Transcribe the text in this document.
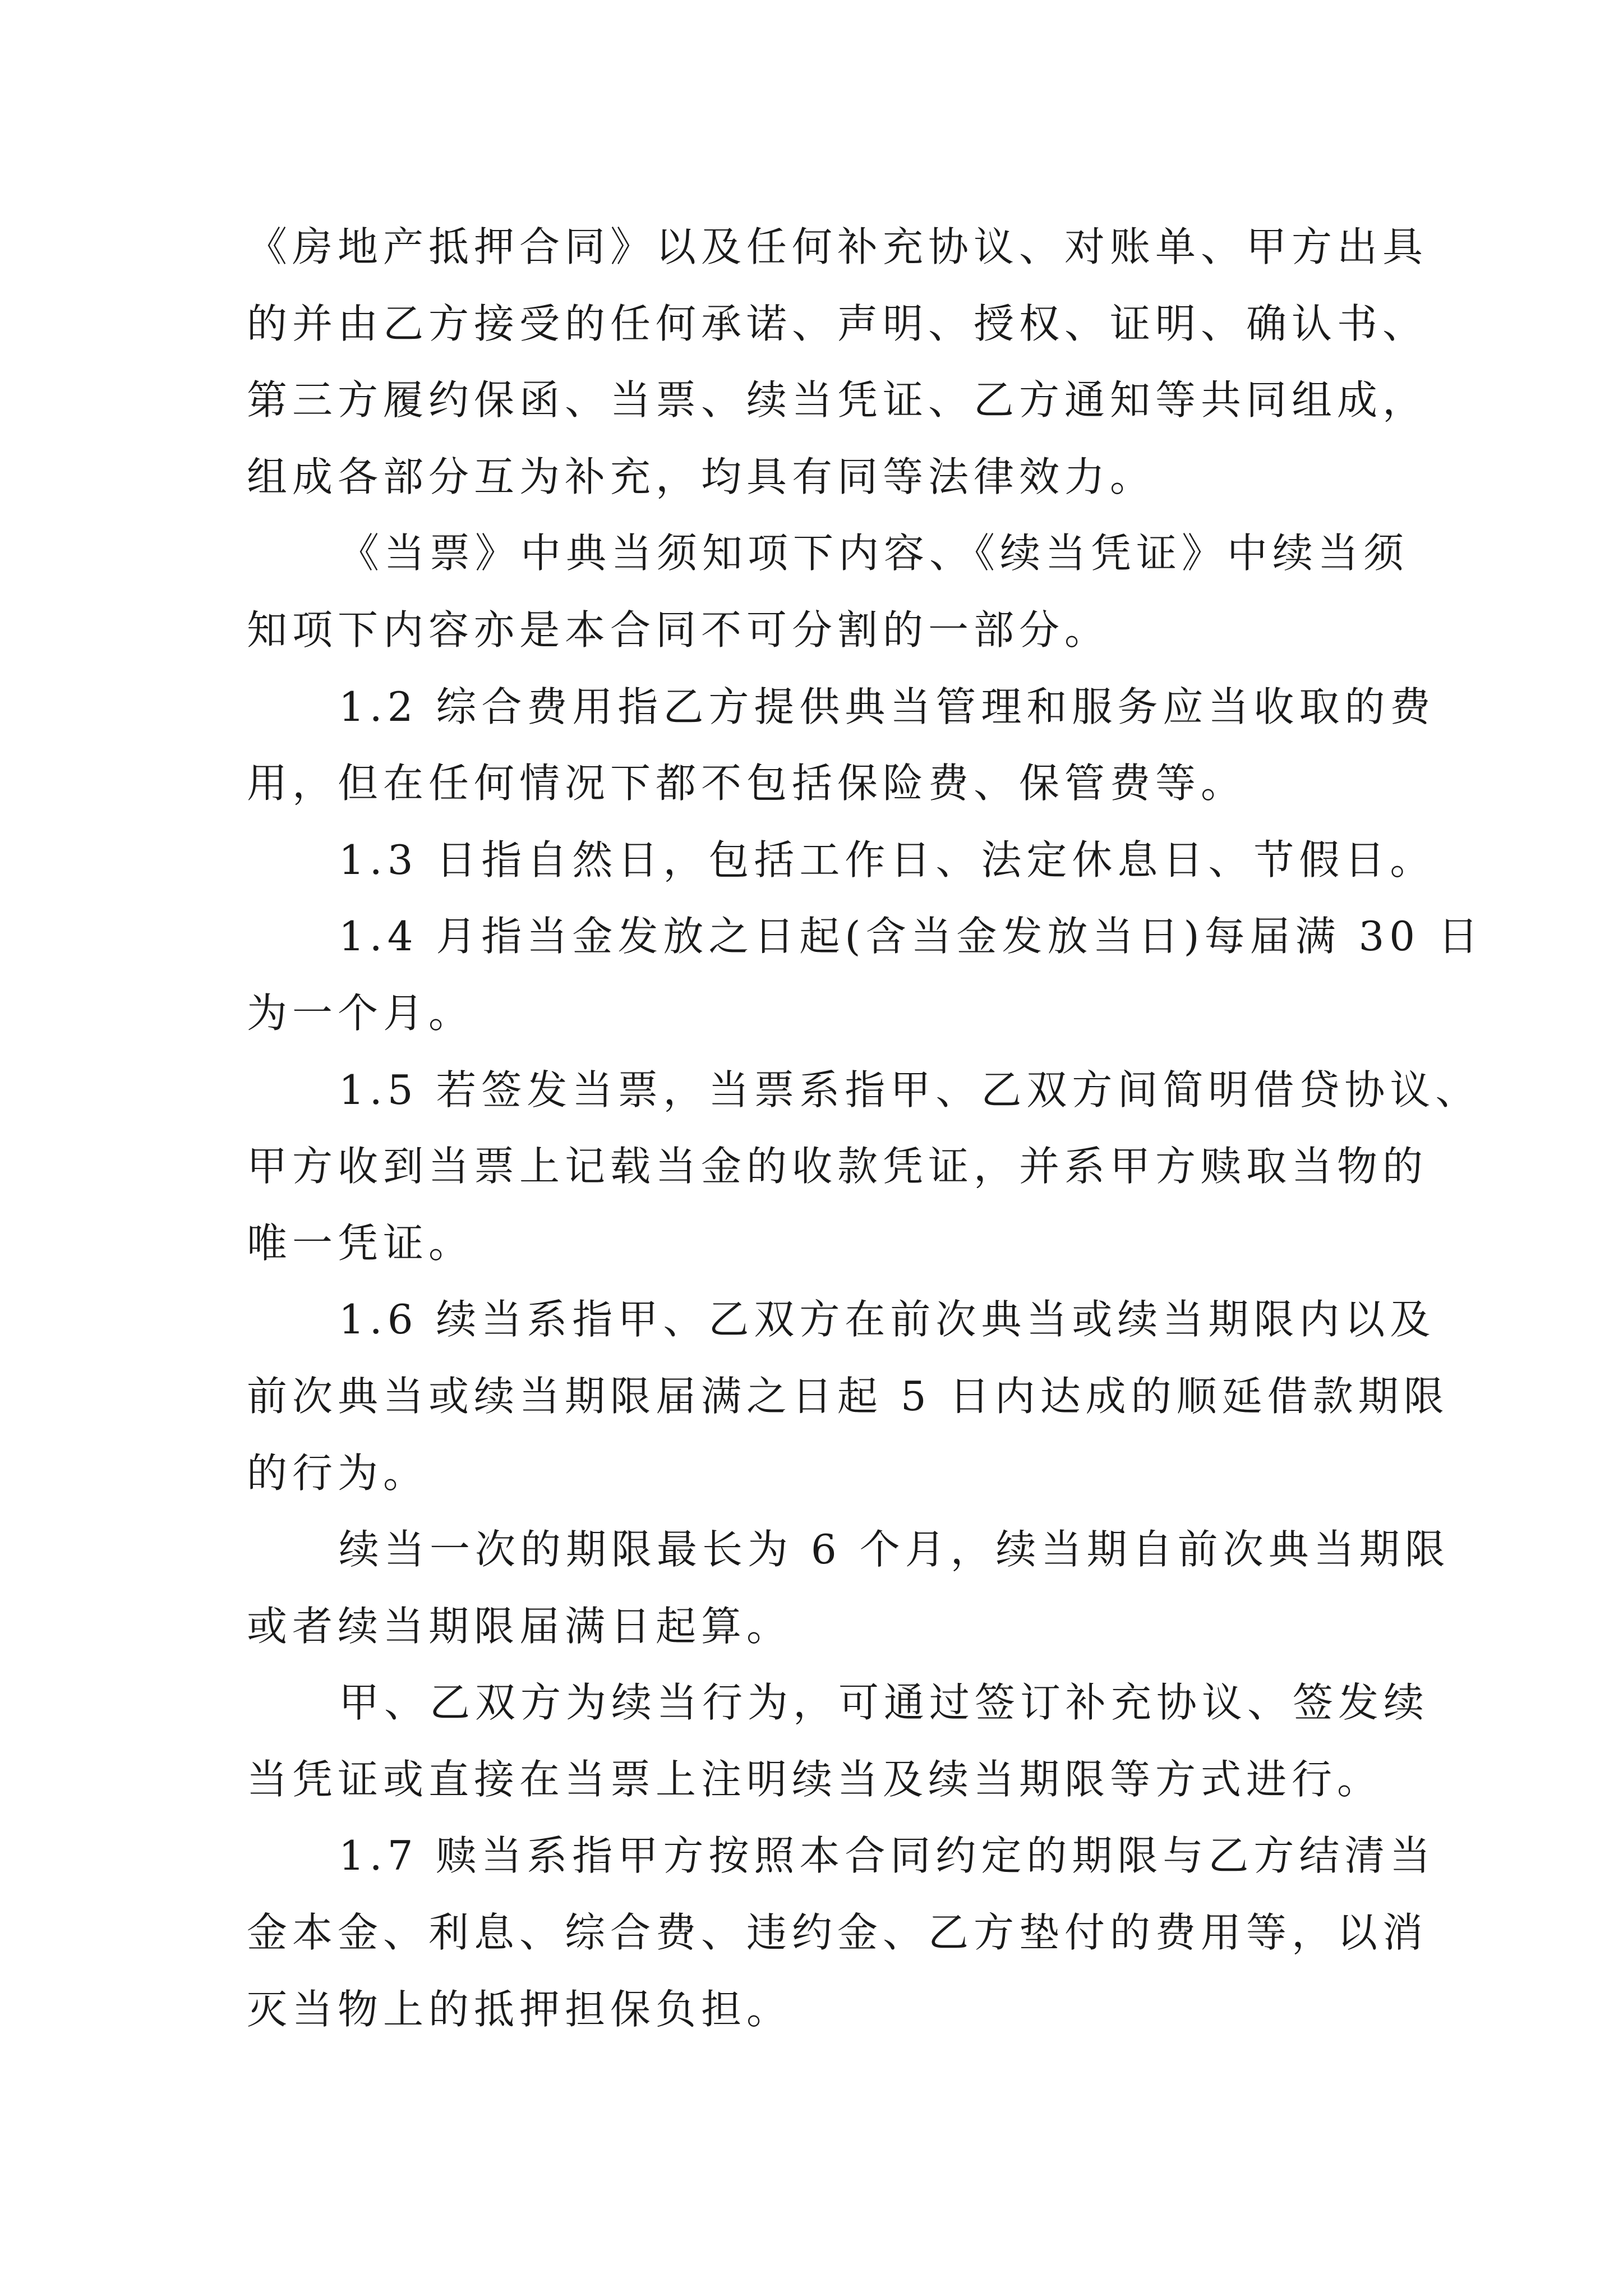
《房地产抵押合同》以及任何补充协议、对账单、甲方出具
的并由乙方接受的任何承诺、声明、授权、证明、确认书、
第三方履约保函、当票、续当凭证、乙方通知等共同组成，
组成各部分互为补充，均具有同等法律效力。
《当票》中典当须知项下内容、《续当凭证》中续当须
知项下内容亦是本合同不可分割的一部分。
1.2 综合费用指乙方提供典当管理和服务应当收取的费
用，但在任何情况下都不包括保险费、保管费等。
1.3 日指自然日，包括工作日、法定休息日、节假日。
1.4 月指当金发放之日起(含当金发放当日)每届满 30 日
为一个月。
1.5 若签发当票，当票系指甲、乙双方间简明借贷协议、
甲方收到当票上记载当金的收款凭证，并系甲方赎取当物的
唯一凭证。
1.6 续当系指甲、乙双方在前次典当或续当期限内以及
前次典当或续当期限届满之日起 5 日内达成的顺延借款期限
的行为。
续当一次的期限最长为 6 个月，续当期自前次典当期限
或者续当期限届满日起算。
甲、乙双方为续当行为，可通过签订补充协议、签发续
当凭证或直接在当票上注明续当及续当期限等方式进行。
1.7 赎当系指甲方按照本合同约定的期限与乙方结清当
金本金、利息、综合费、违约金、乙方垫付的费用等，以消
灭当物上的抵押担保负担。
